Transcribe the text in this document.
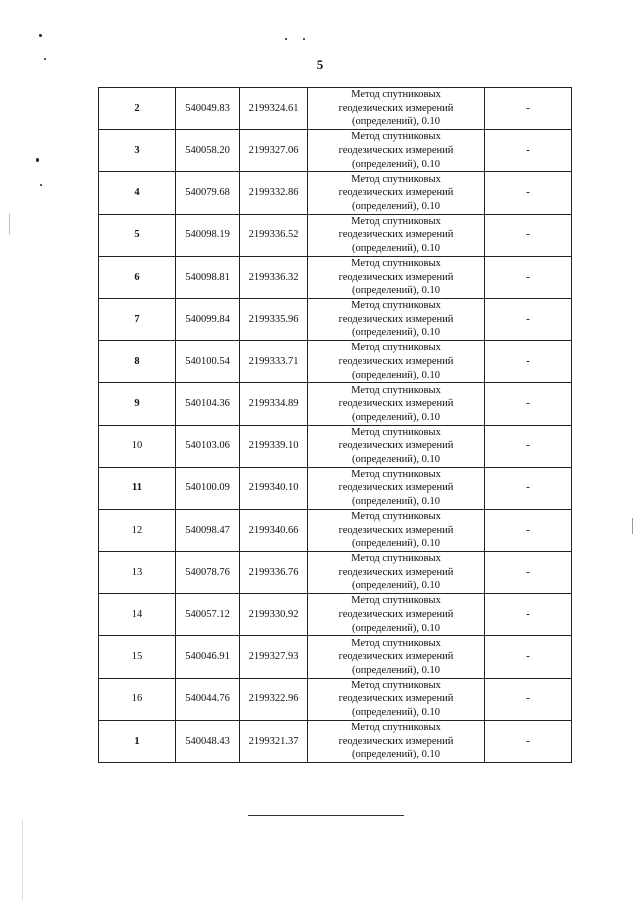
5
2	540049.83	2199324.61	Метод спутниковых
геодезических измерений
(определений), 0.10	-
3	540058.20	2199327.06	Метод спутниковых
геодезических измерений
(определений), 0.10	-
4	540079.68	2199332.86	Метод спутниковых
геодезических измерений
(определений), 0.10	-
5	540098.19	2199336.52	Метод спутниковых
геодезических измерений
(определений), 0.10	-
6	540098.81	2199336.32	Метод спутниковых
геодезических измерений
(определений), 0.10	-
7	540099.84	2199335.96	Метод спутниковых
геодезических измерений
(определений), 0.10	-
8	540100.54	2199333.71	Метод спутниковых
геодезических измерений
(определений), 0.10	-
9	540104.36	2199334.89	Метод спутниковых
геодезических измерений
(определений), 0.10	-
10	540103.06	2199339.10	Метод спутниковых
геодезических измерений
(определений), 0.10	-
11	540100.09	2199340.10	Метод спутниковых
геодезических измерений
(определений), 0.10	-
12	540098.47	2199340.66	Метод спутниковых
геодезических измерений
(определений), 0.10	-
13	540078.76	2199336.76	Метод спутниковых
геодезических измерений
(определений), 0.10	-
14	540057.12	2199330.92	Метод спутниковых
геодезических измерений
(определений), 0.10	-
15	540046.91	2199327.93	Метод спутниковых
геодезических измерений
(определений), 0.10	-
16	540044.76	2199322.96	Метод спутниковых
геодезических измерений
(определений), 0.10	-
1	540048.43	2199321.37	Метод спутниковых
геодезических измерений
(определений), 0.10	-
